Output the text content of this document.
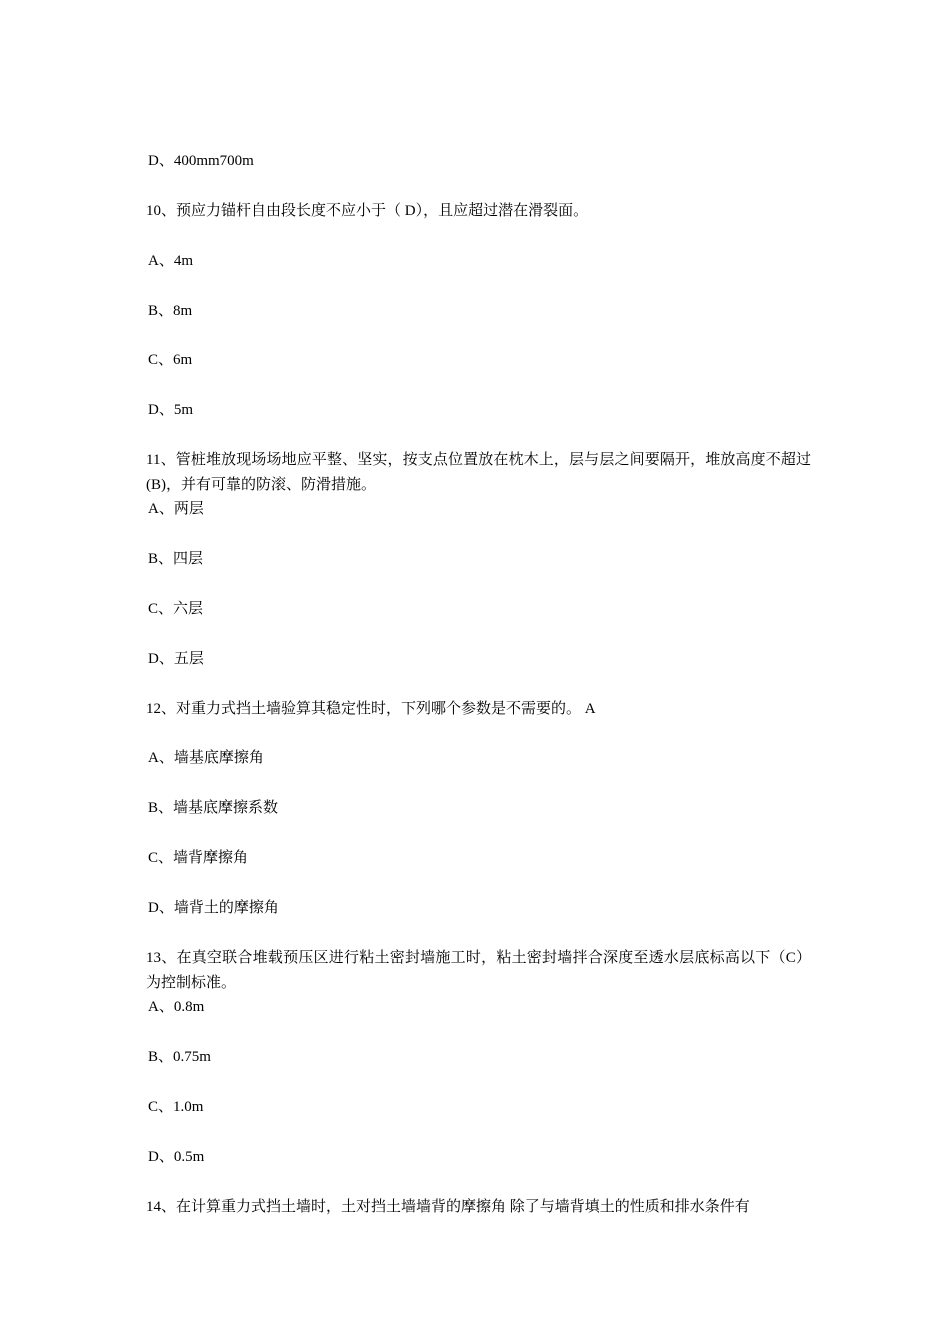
D、400mm700m
10、预应力锚杆自由段长度不应小于（ D），且应超过潜在滑裂面。
A、4m
B、8m
C、6m
D、5m
11、管桩堆放现场场地应平整、坚实，按支点位置放在枕木上，层与层之间要隔开，堆放高度不超过(B)，并有可靠的防滚、防滑措施。
A、两层
B、四层
C、六层
D、五层
12、对重力式挡土墙验算其稳定性时，下列哪个参数是不需要的。 A
A、墙基底摩擦角
B、墙基底摩擦系数
C、墙背摩擦角
D、墙背土的摩擦角
13、在真空联合堆载预压区进行粘土密封墙施工时，粘土密封墙拌合深度至透水层底标高以下（C）为控制标准。
A、0.8m
B、0.75m
C、1.0m
D、0.5m
14、在计算重力式挡土墙时，土对挡土墙墙背的摩擦角 除了与墙背填土的性质和排水条件有
